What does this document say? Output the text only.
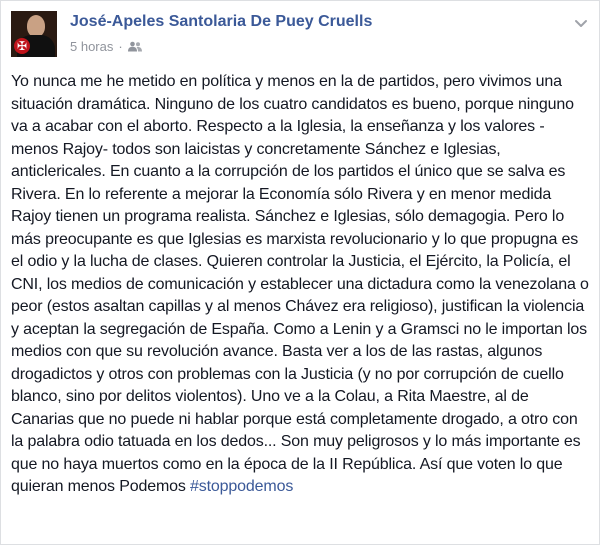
✠
José-Apeles Santolaria De Puey Cruells
5 horas ·

Yo nunca me he metido en política y menos en la de partidos, pero vivimos una situación dramática. Ninguno de los cuatro candidatos es bueno, porque ninguno va a acabar con el aborto. Respecto a la Iglesia, la enseñanza y los valores -menos Rajoy- todos son laicistas y concretamente Sánchez e Iglesias, anticlericales. En cuanto a la corrupción de los partidos el único que se salva es Rivera. En lo referente a mejorar la Economía sólo Rivera y en menor medida Rajoy tienen un programa realista. Sánchez e Iglesias, sólo demagogia. Pero lo más preocupante es que Iglesias es marxista revolucionario y lo que propugna es el odio y la lucha de clases. Quieren controlar la Justicia, el Ejército, la Policía, el CNI, los medios de comunicación y establecer una dictadura como la venezolana o peor (estos asaltan capillas y al menos Chávez era religioso), justifican la violencia y aceptan la segregación de España. Como a Lenin y a Gramsci no le importan los medios con que su revolución avance. Basta ver a los de las rastas, algunos drogadictos y otros con problemas con la Justicia (y no por corrupción de cuello blanco, sino por delitos violentos). Uno ve a la Colau, a Rita Maestre, al de Canarias que no puede ni hablar porque está completamente drogado, a otro con la palabra odio tatuada en los dedos... Son muy peligrosos y lo más importante es que no haya muertos como en la época de la II República. Así que voten lo que quieran menos Podemos #stoppodemos
